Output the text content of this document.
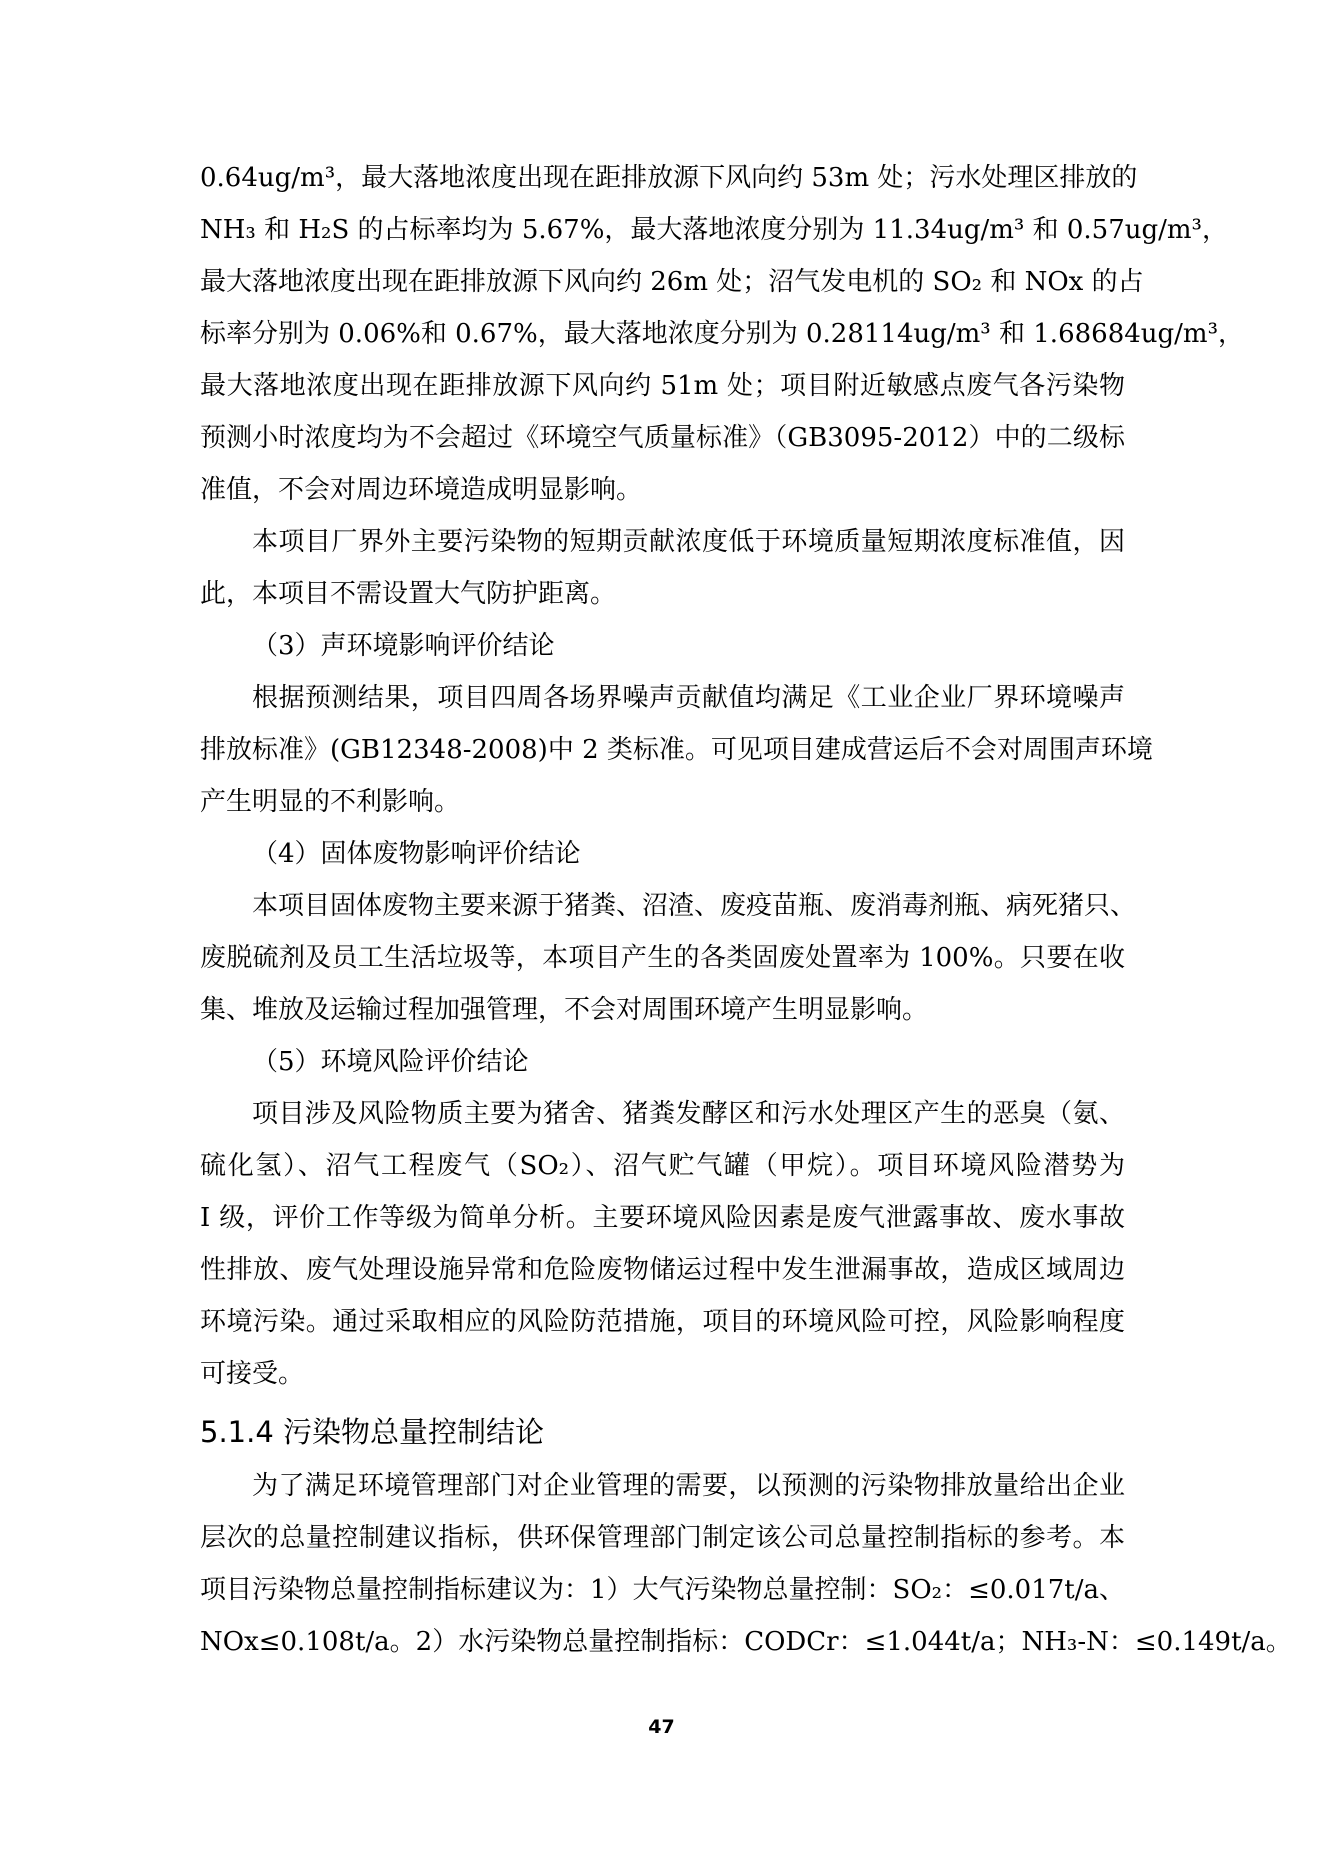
0.64ug/m³，最大落地浓度出现在距排放源下风向约 53m 处；污水处理区排放的
NH₃ 和 H₂S 的占标率均为 5.67%，最大落地浓度分别为 11.34ug/m³ 和 0.57ug/m³，
最大落地浓度出现在距排放源下风向约 26m 处；沼气发电机的 SO₂ 和 NOx 的占
标率分别为 0.06%和 0.67%，最大落地浓度分别为 0.28114ug/m³ 和 1.68684ug/m³，
最大落地浓度出现在距排放源下风向约 51m 处；项目附近敏感点废气各污染物
预测小时浓度均为不会超过《环境空气质量标准》（GB3095-2012）中的二级标
准值，不会对周边环境造成明显影响。

本项目厂界外主要污染物的短期贡献浓度低于环境质量短期浓度标准值，因
此，本项目不需设置大气防护距离。

（3）声环境影响评价结论

根据预测结果，项目四周各场界噪声贡献值均满足《工业企业厂界环境噪声
排放标准》(GB12348-2008)中 2 类标准。可见项目建成营运后不会对周围声环境
产生明显的不利影响。

（4）固体废物影响评价结论

本项目固体废物主要来源于猪粪、沼渣、废疫苗瓶、废消毒剂瓶、病死猪只、
废脱硫剂及员工生活垃圾等，本项目产生的各类固废处置率为 100%。只要在收
集、堆放及运输过程加强管理，不会对周围环境产生明显影响。

（5）环境风险评价结论

项目涉及风险物质主要为猪舍、猪粪发酵区和污水处理区产生的恶臭（氨、
硫化氢）、沼气工程废气（SO₂）、沼气贮气罐（甲烷）。项目环境风险潜势为
I 级，评价工作等级为简单分析。主要环境风险因素是废气泄露事故、废水事故
性排放、废气处理设施异常和危险废物储运过程中发生泄漏事故，造成区域周边
环境污染。通过采取相应的风险防范措施，项目的环境风险可控，风险影响程度
可接受。

5.1.4 污染物总量控制结论

为了满足环境管理部门对企业管理的需要，以预测的污染物排放量给出企业
层次的总量控制建议指标，供环保管理部门制定该公司总量控制指标的参考。本
项目污染物总量控制指标建议为：1）大气污染物总量控制：SO₂：≤0.017t/a、
NOx≤0.108t/a。2）水污染物总量控制指标：CODCr：≤1.044t/a；NH₃-N：≤0.149t/a。

47
